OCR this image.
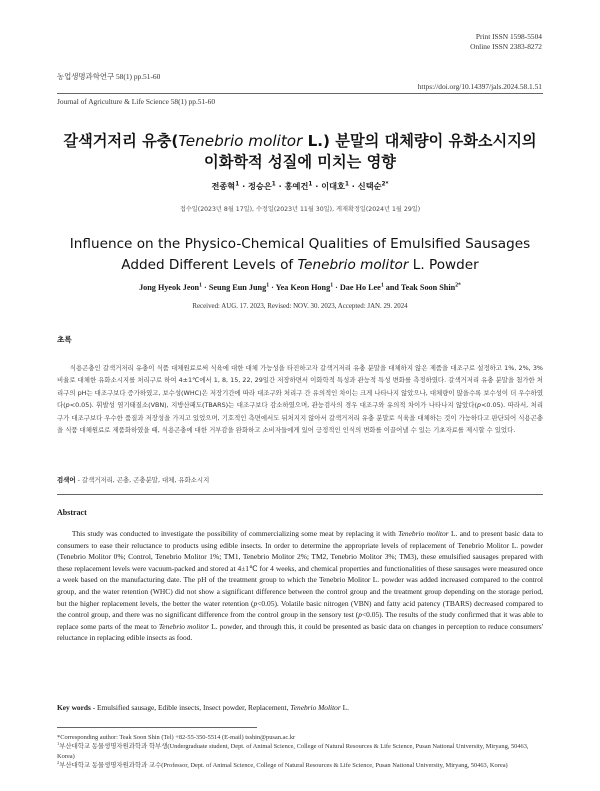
Print ISSN 1598-5504
Online ISSN 2383-8272
농업생명과학연구 58(1) pp.51-60
https://doi.org/10.14397/jals.2024.58.1.51
Journal of Agriculture & Life Science 58(1) pp.51-60
갈색거저리 유충(Tenebrio molitor L.) 분말의 대체량이 유화소시지의
이화학적 성질에 미치는 영향
전종혁$^1$ · 정승은$^1$ · 홍예건$^1$ · 이대호$^1$ · 신택순$^{2*}$
접수일(2023년 8월 17일), 수정일(2023년 11월 30일), 게재확정일(2024년 1월 29일)
Influence on the Physico-Chemical Qualities of Emulsified Sausages
Added Different Levels of Tenebrio molitor L. Powder
Jong Hyeok Jeon$^1$ · Seung Eun Jung$^1$ · Yea Keon Hong$^1$ · Dae Ho Lee$^1$ and Teak Soon Shin$^{2*}$
Received: AUG. 17. 2023, Revised: NOV. 30. 2023, Accepted: JAN. 29. 2024
초록
식용곤충인 갈색거저리 유충이 식품 대체원료로써 식육에 대한 대체 가능성을 타진하고자 갈색거저리 유충 분말을 대체하지 않은 제품을 대조구로 설정하고 1%, 2%, 3% 비율로 대체한 유화소시지를 처리구로 하여 4±1℃에서 1, 8, 15, 22, 29일간 저장하면서 이화학적 특성과 관능적 특성 변화를 측정하였다. 갈색거저리 유충 분말을 첨가한 처리구의 pH는 대조구보다 증가하였고, 보수성(WHC)은 저장기간에 따라 대조구와 처리구 간 유의적인 차이는 크게 나타나지 않았으나, 대체량이 많을수록 보수성이 더 우수하였다(p<0.05). 휘발성 염기태질소(VBN), 지방산패도(TBARS)는 대조구보다 감소하였으며, 관능검사의 경우 대조구와 유의적 차이가 나타나지 않았다(p<0.05). 따라서, 처리구가 대조구보다 우수한 품질과 저장성을 가지고 있었으며, 기호적인 측면에서도 뒤처지지 않아서 갈색거저리 유충 분말로 식육을 대체하는 것이 가능하다고 판단되어 식용곤충을 식품 대체원료로 제품화하였을 때, 식용곤충에 대한 거부감을 완화하고 소비자들에게 있어 긍정적인 인식의 변화를 이끌어낼 수 있는 기초자료를 제시할 수 있었다.
검색어 - 갈색거저리, 곤충, 곤충분말, 대체, 유화소시지
Abstract
This study was conducted to investigate the possibility of commercializing some meat by replacing it with Tenebrio molitor L. and to present basic data to consumers to ease their reluctance to products using edible insects. In order to determine the appropriate levels of replacement of Tenebrio Molitor L. powder (Tenebrio Molitor 0%; Control, Tenebrio Molitor 1%; TM1, Tenebrio Molitor 2%; TM2, Tenebrio Molitor 3%; TM3), these emulsified sausages prepared with these replacement levels were vacuum-packed and stored at 4±1℃ for 4 weeks, and chemical properties and functionalities of these sausages were measured once a week based on the manufacturing date. The pH of the treatment group to which the Tenebrio Molitor L. powder was added increased compared to the control group, and the water retention (WHC) did not show a significant difference between the control group and the treatment group depending on the storage period, but the higher replacement levels, the better the water retention (p<0.05). Volatile basic nitrogen (VBN) and fatty acid patency (TBARS) decreased compared to the control group, and there was no significant difference from the control group in the sensory test (p<0.05). The results of the study confirmed that it was able to replace some parts of the meat to Tenebrio molitor L. powder, and through this, it could be presented as basic data on changes in perception to reduce consumers' reluctance in replacing edible insects as food.
Key words - Emulsified sausage, Edible insects, Insect powder, Replacement, Tenebrio Molitor L.

*Corresponding author: Teak Soon Shin (Tel) +82-55-350-5514 (E-mail) tsshin@pusan.ac.kr

$^1$부산대학교 동물생명자원과학과 학부생(Undergraduate student, Dept. of Animal Science, College of Natural Resources & Life Science, Pusan National University, Miryang, 50463, Korea)

$^2$부산대학교 동물생명자원과학과 교수(Professor, Dept. of Animal Science, College of Natural Resources & Life Science, Pusan National University, Miryang, 50463, Korea)
